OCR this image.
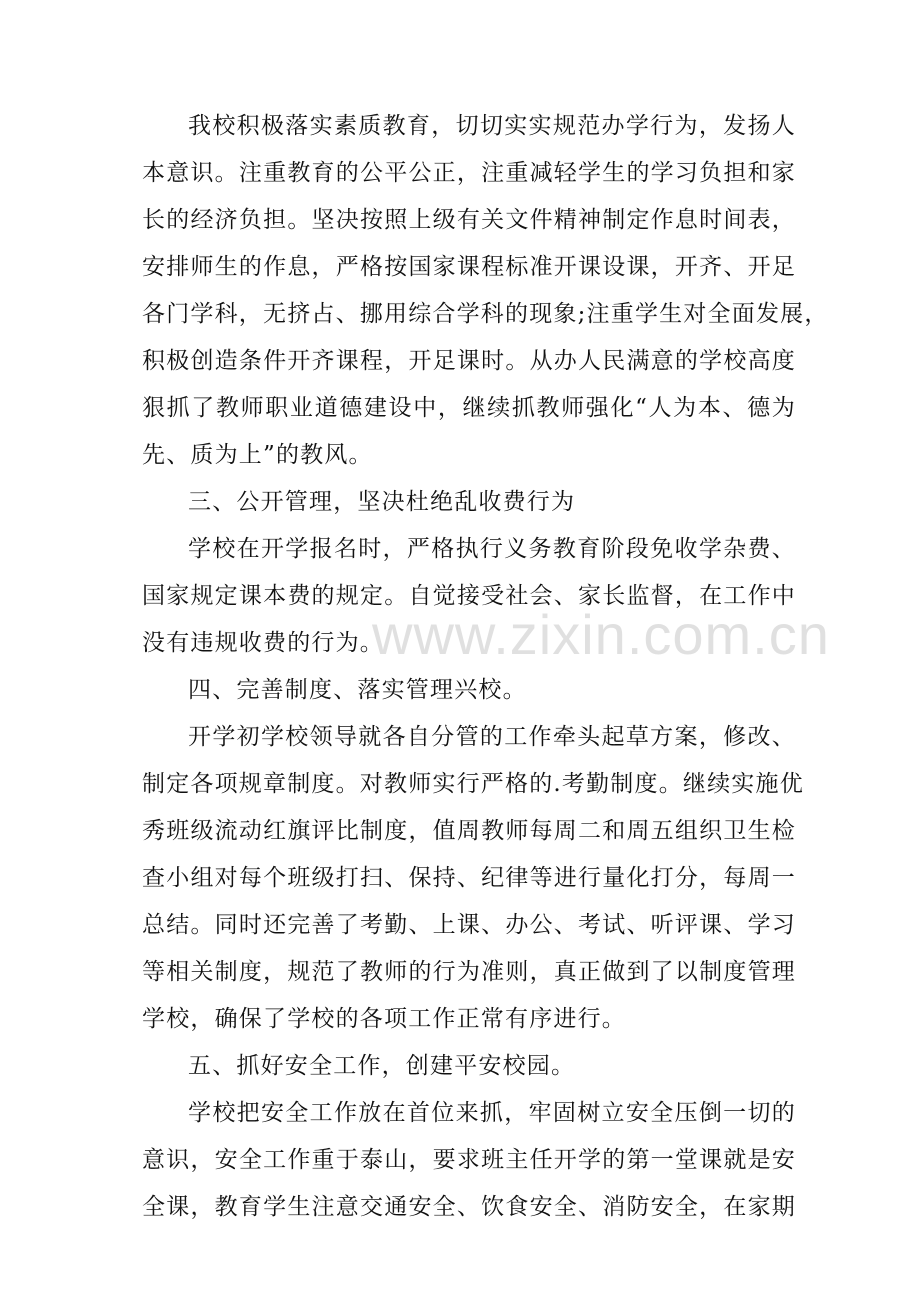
我校积极落实素质教育，切切实实规范办学行为，发扬人
本意识。注重教育的公平公正，注重减轻学生的学习负担和家
长的经济负担。坚决按照上级有关文件精神制定作息时间表，
安排师生的作息，严格按国家课程标准开课设课，开齐、开足
各门学科，无挤占、挪用综合学科的现象;注重学生对全面发展，
积极创造条件开齐课程，开足课时。从办人民满意的学校高度
狠抓了教师职业道德建设中，继续抓教师强化“人为本、德为
先、质为上”的教风。
三、公开管理，坚决杜绝乱收费行为
学校在开学报名时，严格执行义务教育阶段免收学杂费、
国家规定课本费的规定。自觉接受社会、家长监督，在工作中
没有违规收费的行为。
四、完善制度、落实管理兴校。
开学初学校领导就各自分管的工作牵头起草方案，修改、
制定各项规章制度。对教师实行严格的.考勤制度。继续实施优
秀班级流动红旗评比制度，值周教师每周二和周五组织卫生检
查小组对每个班级打扫、保持、纪律等进行量化打分，每周一
总结。同时还完善了考勤、上课、办公、考试、听评课、学习
等相关制度，规范了教师的行为准则，真正做到了以制度管理
学校，确保了学校的各项工作正常有序进行。
五、抓好安全工作，创建平安校园。
学校把安全工作放在首位来抓，牢固树立安全压倒一切的
意识，安全工作重于泰山，要求班主任开学的第一堂课就是安
全课，教育学生注意交通安全、饮食安全、消防安全，在家期
www.zixin.com.cn
